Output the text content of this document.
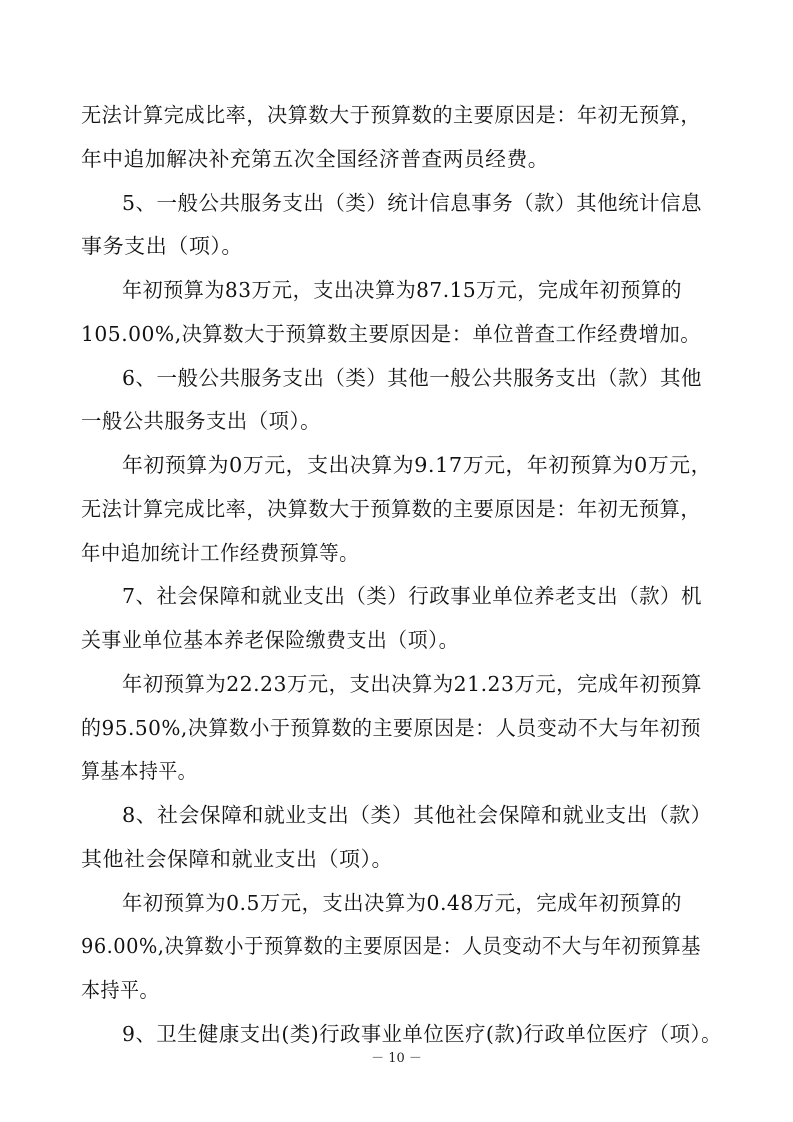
无法计算完成比率，决算数大于预算数的主要原因是：年初无预算，
年中追加解决补充第五次全国经济普查两员经费。
5、一般公共服务支出（类）统计信息事务（款）其他统计信息
事务支出（项）。
年初预算为83万元，支出决算为87.15万元，完成年初预算的
105.00%,决算数大于预算数主要原因是：单位普查工作经费增加。
6、一般公共服务支出（类）其他一般公共服务支出（款）其他
一般公共服务支出（项）。
年初预算为0万元，支出决算为9.17万元，年初预算为0万元，
无法计算完成比率，决算数大于预算数的主要原因是：年初无预算，
年中追加统计工作经费预算等。
7、社会保障和就业支出（类）行政事业单位养老支出（款）机
关事业单位基本养老保险缴费支出（项）。
年初预算为22.23万元，支出决算为21.23万元，完成年初预算
的95.50%,决算数小于预算数的主要原因是：人员变动不大与年初预
算基本持平。
8、社会保障和就业支出（类）其他社会保障和就业支出（款）
其他社会保障和就业支出（项）。
年初预算为0.5万元，支出决算为0.48万元，完成年初预算的
96.00%,决算数小于预算数的主要原因是：人员变动不大与年初预算基
本持平。
9、卫生健康支出(类)行政事业单位医疗(款)行政单位医疗（项）。
－ 10 －
